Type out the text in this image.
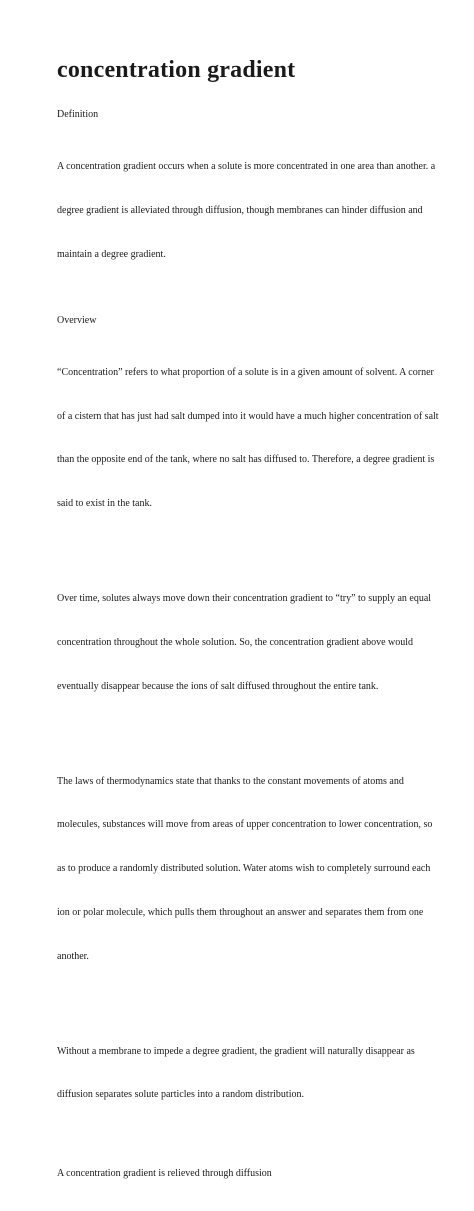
concentration gradient

Definition

A concentration gradient occurs when a solute is more concentrated in one area than another. a

degree gradient is alleviated through diffusion, though membranes can hinder diffusion and

maintain a degree gradient.

Overview

“Concentration” refers to what proportion of a solute is in a given amount of solvent. A corner

of a cistern that has just had salt dumped into it would have a much higher concentration of salt

than the opposite end of the tank, where no salt has diffused to. Therefore, a degree gradient is

said to exist in the tank.

Over time, solutes always move down their concentration gradient to “try” to supply an equal

concentration throughout the whole solution. So, the concentration gradient above would

eventually disappear because the ions of salt diffused throughout the entire tank.

The laws of thermodynamics state that thanks to the constant movements of atoms and

molecules, substances will move from areas of upper concentration to lower concentration, so

as to produce a randomly distributed solution. Water atoms wish to completely surround each

ion or polar molecule, which pulls them throughout an answer and separates them from one

another.

Without a membrane to impede a degree gradient, the gradient will naturally disappear as

diffusion separates solute particles into a random distribution.

A concentration gradient is relieved through diffusion
